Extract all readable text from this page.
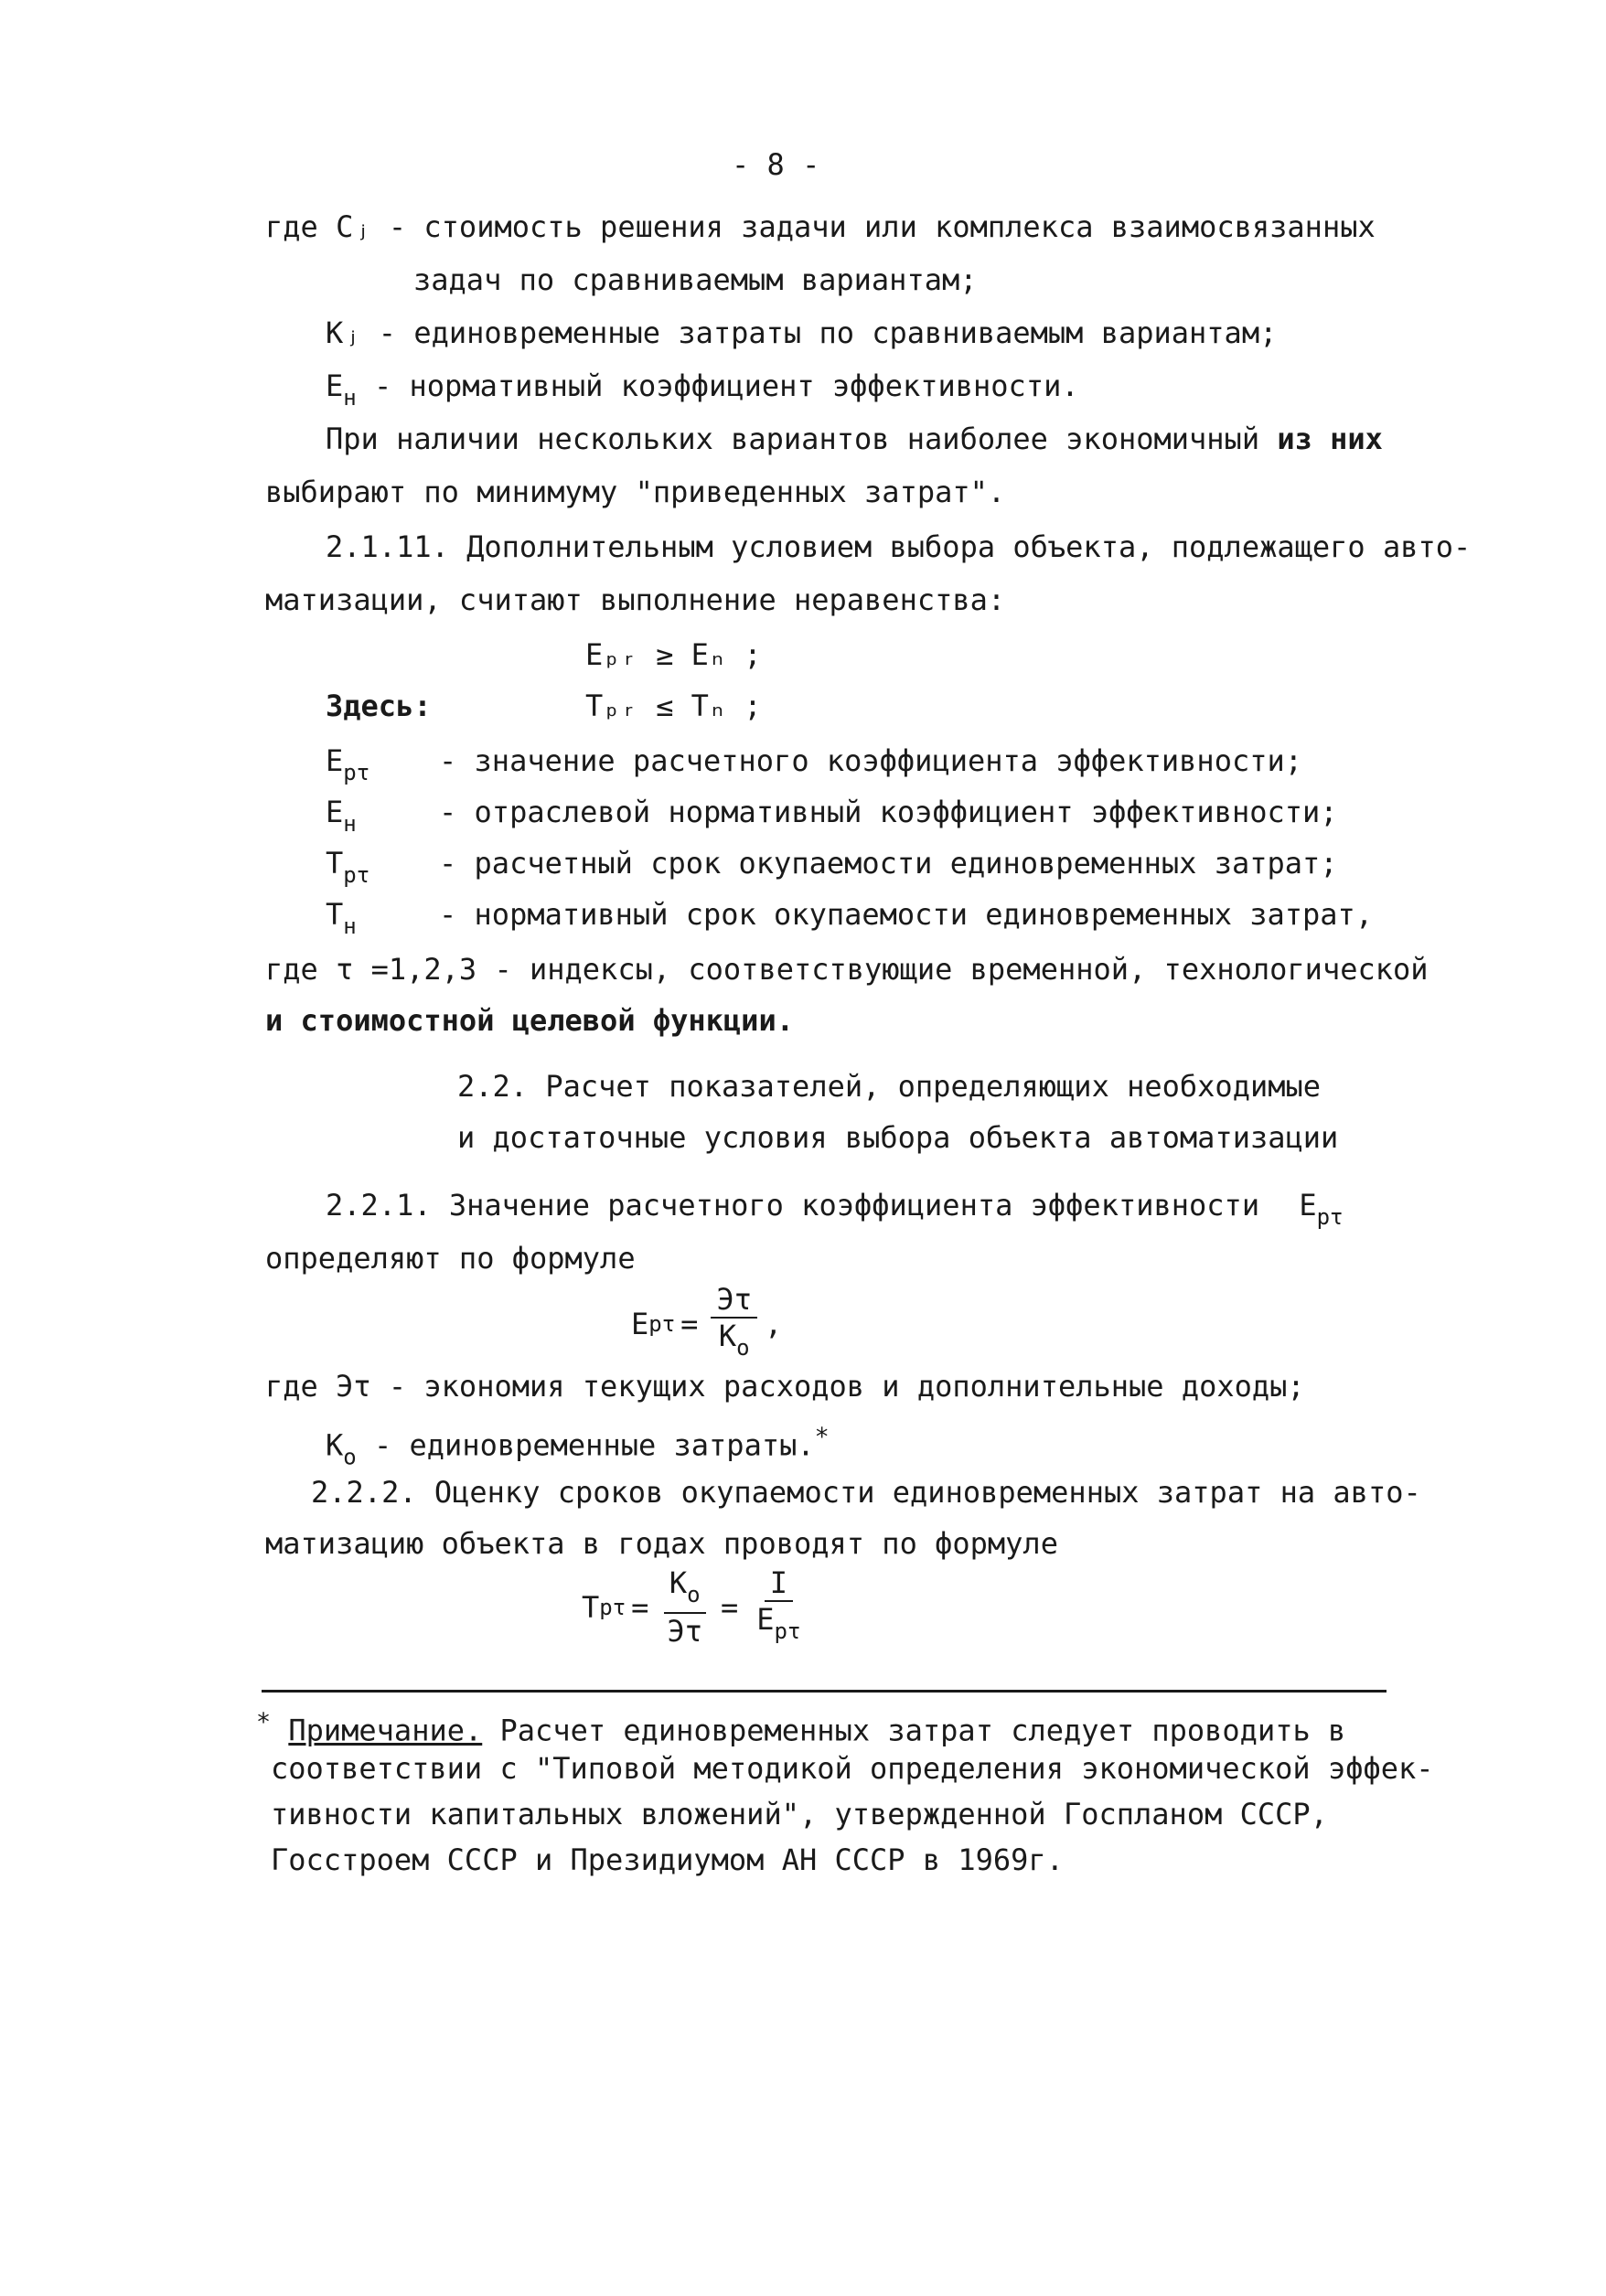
- 8 -
где Cⱼ - стоимость решения задачи или комплекса взаимосвязанных
задач по сравниваемым вариантам;
Kⱼ - единовременные затраты по сравниваемым вариантам;
$E_н$ - нормативный коэффициент эффективности.
При наличии нескольких вариантов наиболее экономичный из них
выбирают по минимуму "приведенных затрат".
2.1.11. Дополнительным условием выбора объекта, подлежащего авто-
матизации, считают выполнение неравенства:
Eₚᵣ ≥ Eₙ ;
Здесь:	Tₚᵣ ≤ Tₙ ;
$E_{р\tau}$ - значение расчетного коэффициента эффективности;
$E_н$	- отраслевой нормативный коэффициент эффективности;
$T_{р\tau}$ - расчетный срок окупаемости единовременных затрат;
$T_н$	- нормативный срок окупаемости единовременных затрат,
где τ =1,2,3 - индексы, соответствующие временной, технологической
и стоимостной целевой функции.
2.2. Расчет показателей, определяющих необходимые
и достаточные условия выбора объекта автоматизации
2.2.1. Значение расчетного коэффициента эффективности $E_{р\tau}$
определяют по формуле
E $р\tau = \frac{Э\tau}{K_о}$ ,
где Эτ - экономия текущих расходов и дополнительные доходы;
$K_о$ - единовременные затраты.*
2.2.2. Оценку сроков окупаемости единовременных затрат на авто-
матизацию объекта в годах проводят по формуле
T $р\tau = \frac{K_о}{Э\tau} = \frac{I}{E_{р\tau}}$
* Примечание. Расчет единовременных затрат следует проводить в
соответствии с "Типовой методикой определения экономической эффек-
тивности капитальных вложений", утвержденной Госпланом СССР,
Госстроем СССР и Президиумом АН СССР в 1969г.
